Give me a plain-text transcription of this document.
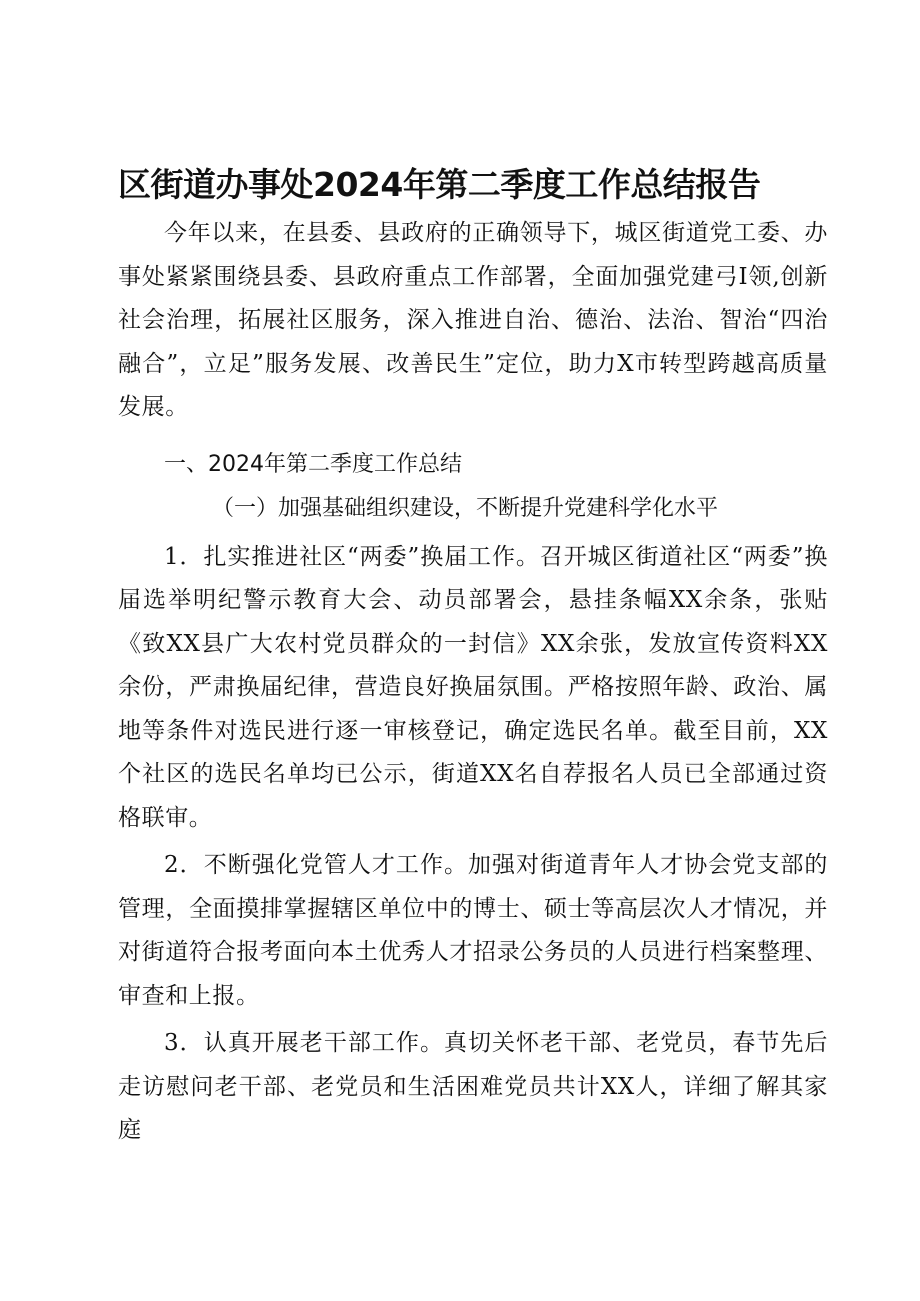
区街道办事处2024年第二季度工作总结报告

今年以来，在县委、县政府的正确领导下，城区街道党工委、办事处紧紧围绕县委、县政府重点工作部署，全面加强党建弓I领,创新社会治理，拓展社区服务，深入推进自治、德治、法治、智治“四治融合”，立足”服务发展、改善民生”定位，助力X市转型跨越高质量发展。

一、2024年第二季度工作总结

（一）加强基础组织建设，不断提升党建科学化水平

1．扎实推进社区“两委”换届工作。召开城区街道社区“两委”换届选举明纪警示教育大会、动员部署会，悬挂条幅XX余条，张贴《致XX县广大农村党员群众的一封信》XX余张，发放宣传资料XX余份，严肃换届纪律，营造良好换届氛围。严格按照年龄、政治、属地等条件对选民进行逐一审核登记，确定选民名单。截至目前，XX个社区的选民名单均已公示，街道XX名自荐报名人员已全部通过资格联审。

2．不断强化党管人才工作。加强对街道青年人才协会党支部的管理，全面摸排掌握辖区单位中的博士、硕士等高层次人才情况，并对街道符合报考面向本土优秀人才招录公务员的人员进行档案整理、审查和上报。

3．认真开展老干部工作。真切关怀老干部、老党员，春节先后走访慰问老干部、老党员和生活困难党员共计XX人，详细了解其家庭
